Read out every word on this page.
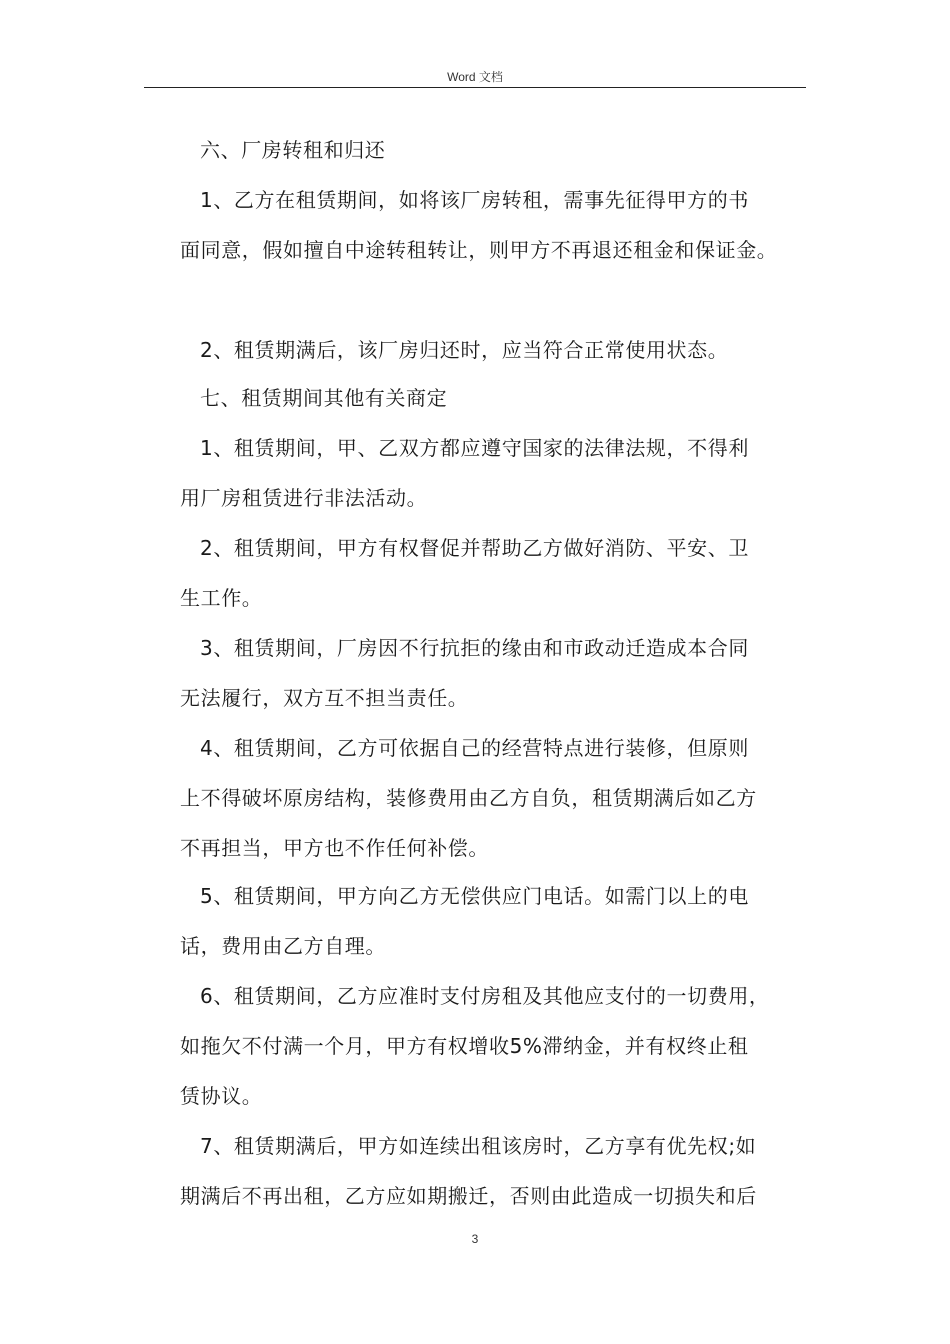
Word 文档
六、厂房转租和归还
1、乙方在租赁期间，如将该厂房转租，需事先征得甲方的书
面同意，假如擅自中途转租转让，则甲方不再退还租金和保证金。
2、租赁期满后，该厂房归还时，应当符合正常使用状态。
七、租赁期间其他有关商定
1、租赁期间，甲、乙双方都应遵守国家的法律法规，不得利
用厂房租赁进行非法活动。
2、租赁期间，甲方有权督促并帮助乙方做好消防、平安、卫
生工作。
3、租赁期间，厂房因不行抗拒的缘由和市政动迁造成本合同
无法履行，双方互不担当责任。
4、租赁期间，乙方可依据自己的经营特点进行装修，但原则
上不得破坏原房结构，装修费用由乙方自负，租赁期满后如乙方
不再担当，甲方也不作任何补偿。
5、租赁期间，甲方向乙方无偿供应门电话。如需门以上的电
话，费用由乙方自理。
6、租赁期间，乙方应准时支付房租及其他应支付的一切费用，
如拖欠不付满一个月，甲方有权增收5%滞纳金，并有权终止租
赁协议。
7、租赁期满后，甲方如连续出租该房时，乙方享有优先权;如
期满后不再出租，乙方应如期搬迁，否则由此造成一切损失和后
3
